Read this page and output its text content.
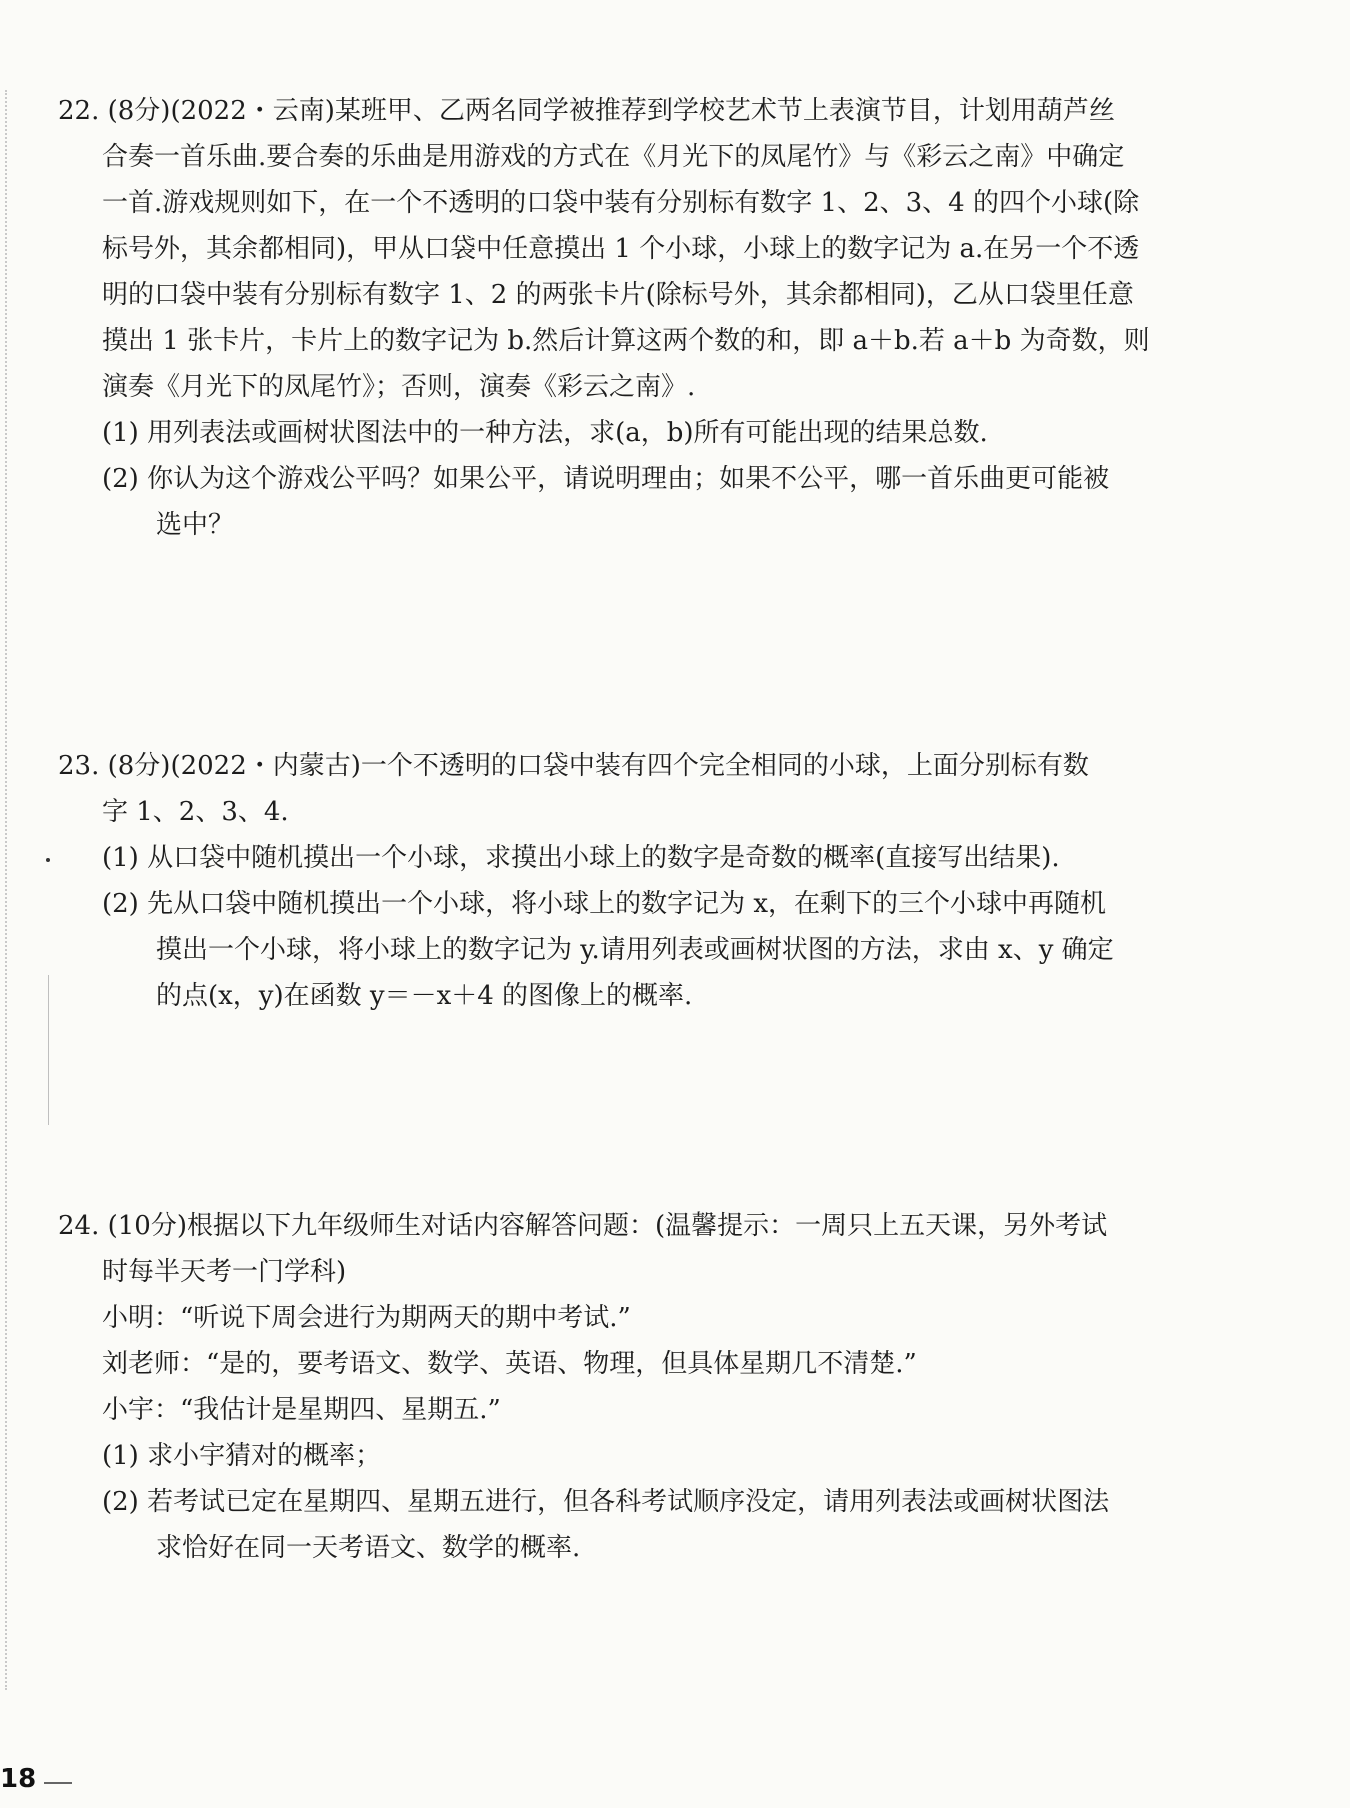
22. (8分)(2022・云南)某班甲、乙两名同学被推荐到学校艺术节上表演节目，计划用葫芦丝
合奏一首乐曲.要合奏的乐曲是用游戏的方式在《月光下的凤尾竹》与《彩云之南》中确定
一首.游戏规则如下，在一个不透明的口袋中装有分别标有数字 1、2、3、4 的四个小球(除
标号外，其余都相同)，甲从口袋中任意摸出 1 个小球，小球上的数字记为 a.在另一个不透
明的口袋中装有分别标有数字 1、2 的两张卡片(除标号外，其余都相同)，乙从口袋里任意
摸出 1 张卡片，卡片上的数字记为 b.然后计算这两个数的和，即 a＋b.若 a＋b 为奇数，则
演奏《月光下的凤尾竹》；否则，演奏《彩云之南》.
(1) 用列表法或画树状图法中的一种方法，求(a，b)所有可能出现的结果总数.
(2) 你认为这个游戏公平吗？如果公平，请说明理由；如果不公平，哪一首乐曲更可能被
选中？
23. (8分)(2022・内蒙古)一个不透明的口袋中装有四个完全相同的小球，上面分别标有数
字 1、2、3、4.
(1) 从口袋中随机摸出一个小球，求摸出小球上的数字是奇数的概率(直接写出结果).
(2) 先从口袋中随机摸出一个小球，将小球上的数字记为 x，在剩下的三个小球中再随机
摸出一个小球，将小球上的数字记为 y.请用列表或画树状图的方法，求由 x、y 确定
的点(x，y)在函数 y＝－x＋4 的图像上的概率.
24. (10分)根据以下九年级师生对话内容解答问题：(温馨提示：一周只上五天课，另外考试
时每半天考一门学科)
小明：“听说下周会进行为期两天的期中考试.”
刘老师：“是的，要考语文、数学、英语、物理，但具体星期几不清楚.”
小宇：“我估计是星期四、星期五.”
(1) 求小宇猜对的概率；
(2) 若考试已定在星期四、星期五进行，但各科考试顺序没定，请用列表法或画树状图法
求恰好在同一天考语文、数学的概率.
18
